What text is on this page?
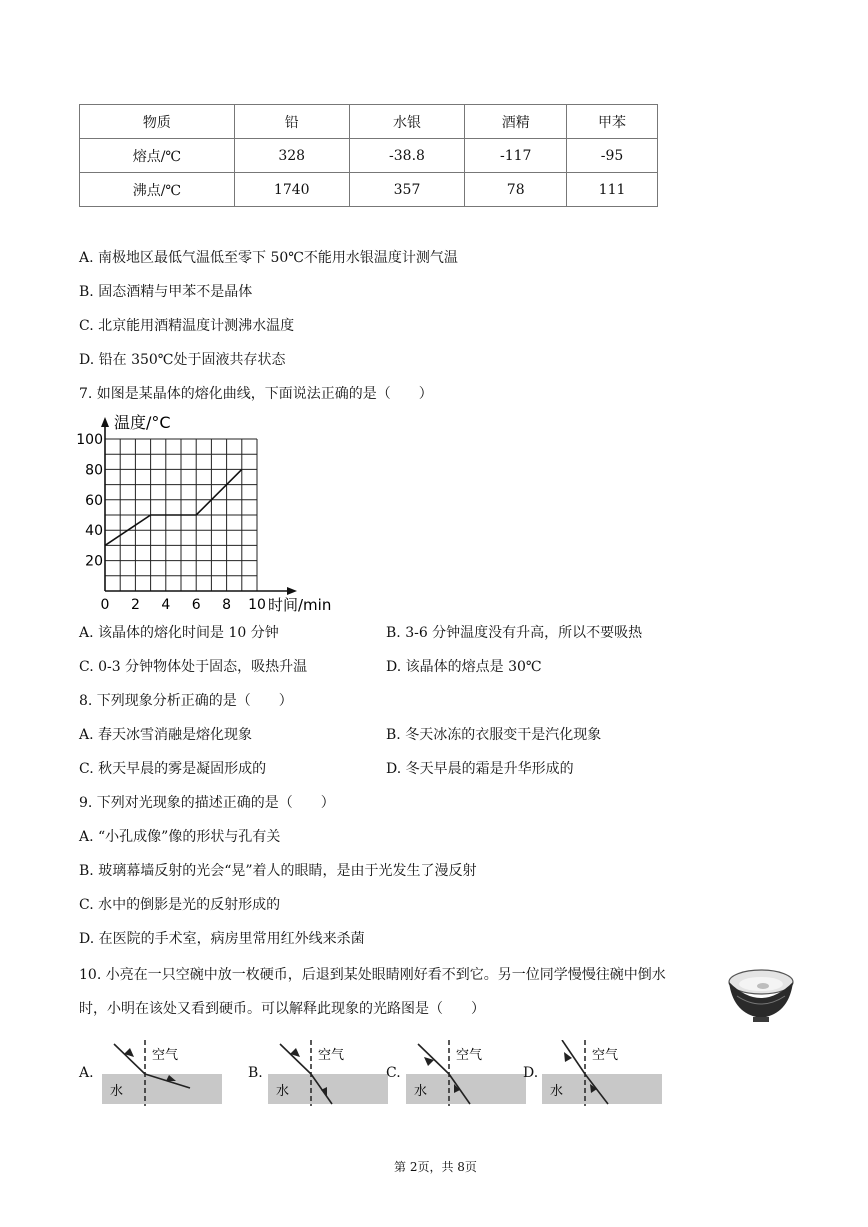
物质	铅	水银	酒精	甲苯
熔点/℃	328	-38.8	-117	-95
沸点/℃	1740	357	78	111
A. 南极地区最低气温低至零下 50℃不能用水银温度计测气温
B. 固态酒精与甲苯不是晶体
C. 北京能用酒精温度计测沸水温度
D. 铅在 350℃处于固液共存状态
7. 如图是某晶体的熔化曲线，下面说法正确的是（　　）
0 2 4 6 8 10
20
40
60
80
100
温度/°C
时间/min
A. 该晶体的熔化时间是 10 分钟	B. 3-6 分钟温度没有升高，所以不要吸热
C. 0-3 分钟物体处于固态，吸热升温	D. 该晶体的熔点是 30℃
8. 下列现象分析正确的是（　　）
A. 春天冰雪消融是熔化现象	B. 冬天冰冻的衣服变干是汽化现象
C. 秋天早晨的雾是凝固形成的	D. 冬天早晨的霜是升华形成的
9. 下列对光现象的描述正确的是（　　）
A. “小孔成像”像的形状与孔有关
B. 玻璃幕墙反射的光会“晃”着人的眼睛，是由于光发生了漫反射
C. 水中的倒影是光的反射形成的
D. 在医院的手术室，病房里常用红外线来杀菌
10. 小亮在一只空碗中放一枚硬币，后退到某处眼睛刚好看不到它。另一位同学慢慢往碗中倒水
时，小明在该处又看到硬币。可以解释此现象的光路图是（　　）
A.
空气
水
B.
空气
水
C.
空气
水
D.
空气
水
第 2页，共 8页
